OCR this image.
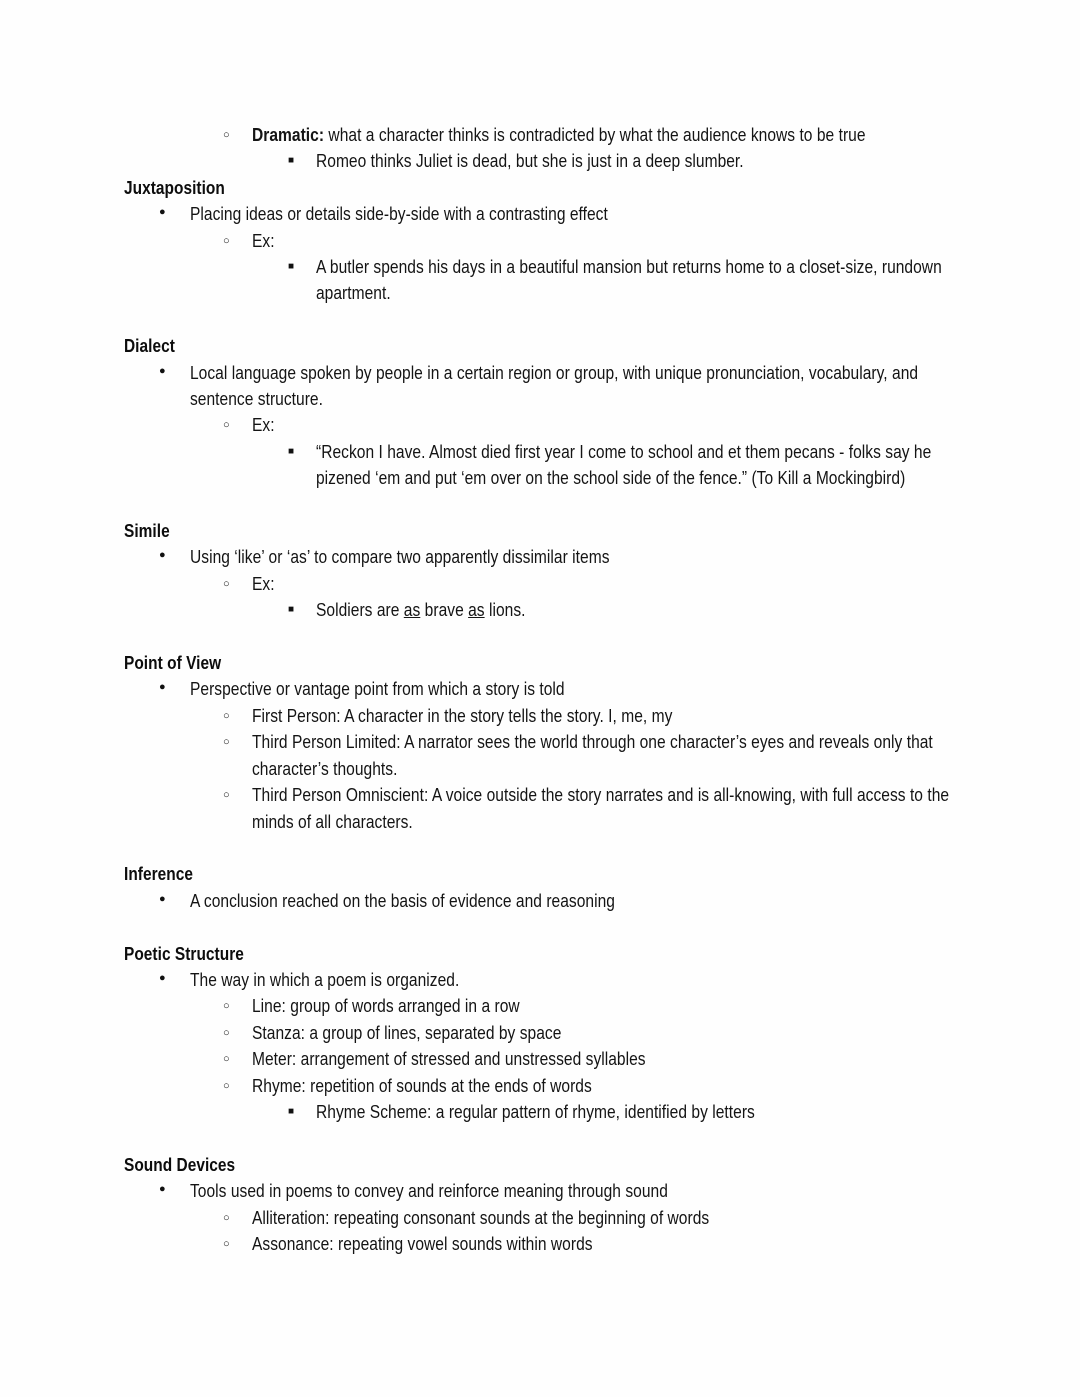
○
Dramatic: what a character thinks is contradicted by what the audience knows to be true
■
Romeo thinks Juliet is dead, but she is just in a deep slumber.
Juxtaposition
●
Placing ideas or details side-by-side with a contrasting effect
○
Ex:
■
A butler spends his days in a beautiful mansion but returns home to a closet-size, rundown apartment.
Dialect
●
Local language spoken by people in a certain region or group, with unique pronunciation, vocabulary, and sentence structure.
○
Ex:
■
“Reckon I have. Almost died first year I come to school and et them pecans - folks say he pizened ‘em and put ‘em over on the school side of the fence.” (To Kill a Mockingbird)
Simile
●
Using ‘like’ or ‘as’ to compare two apparently dissimilar items
○
Ex:
■
Soldiers are as brave as lions.
Point of View
●
Perspective or vantage point from which a story is told
○
First Person: A character in the story tells the story. I, me, my
○
Third Person Limited: A narrator sees the world through one character’s eyes and reveals only that character’s thoughts.
○
Third Person Omniscient: A voice outside the story narrates and is all-knowing, with full access to the minds of all characters.
Inference
●
A conclusion reached on the basis of evidence and reasoning
Poetic Structure
●
The way in which a poem is organized.
○
Line: group of words arranged in a row
○
Stanza: a group of lines, separated by space
○
Meter: arrangement of stressed and unstressed syllables
○
Rhyme: repetition of sounds at the ends of words
■
Rhyme Scheme: a regular pattern of rhyme, identified by letters
Sound Devices
●
Tools used in poems to convey and reinforce meaning through sound
○
Alliteration: repeating consonant sounds at the beginning of words
○
Assonance: repeating vowel sounds within words
